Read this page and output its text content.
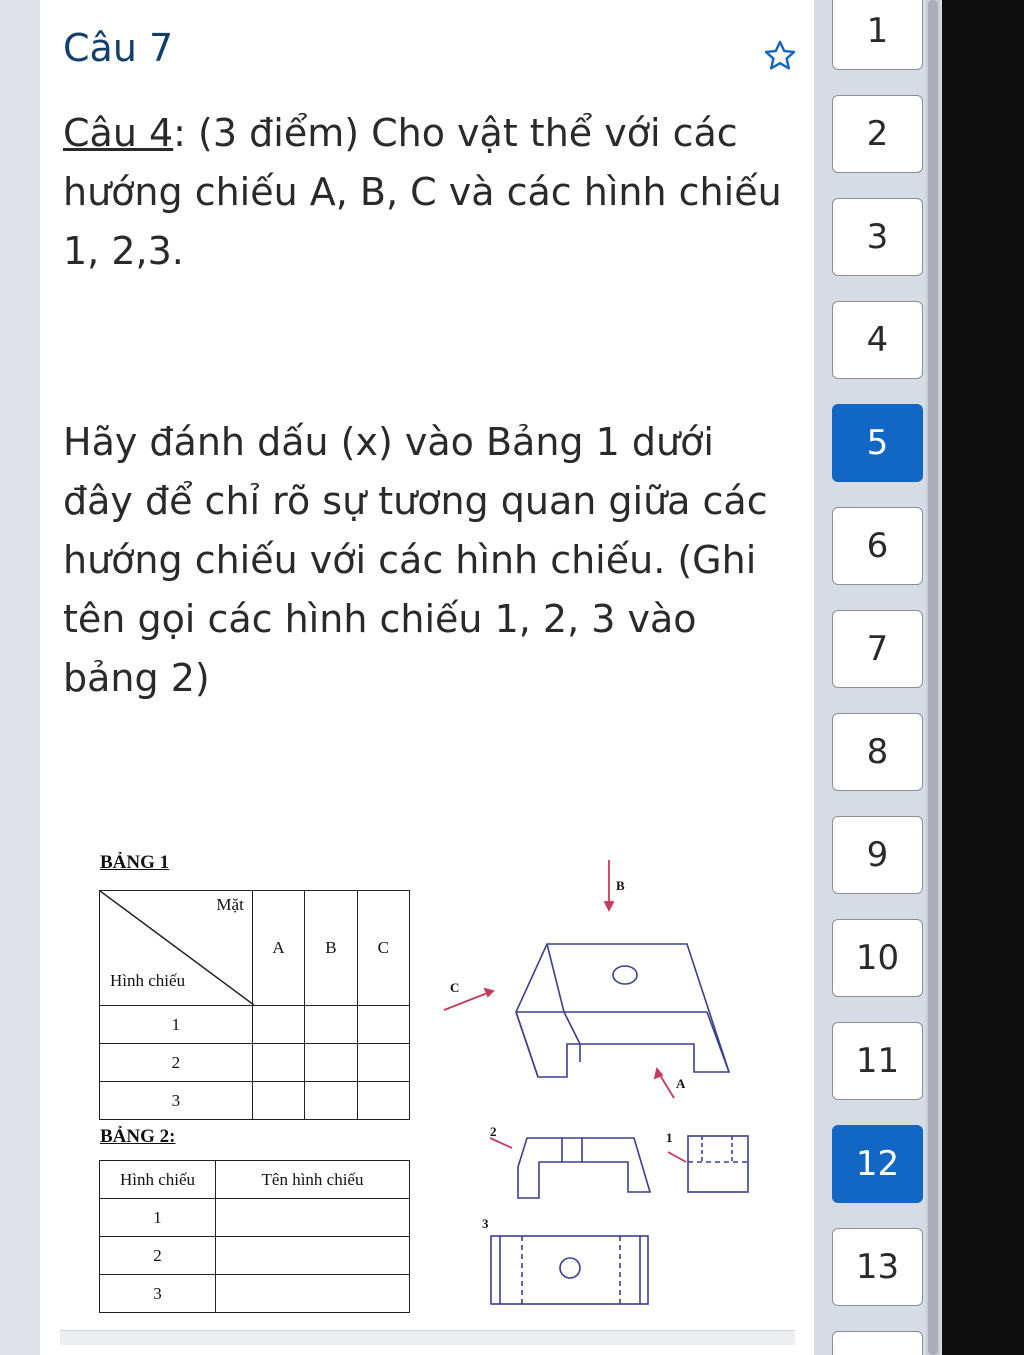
Câu 7

Câu 4: (3 điểm) Cho vật thể với các hướng chiếu A, B, C và các hình chiếu 1, 2,3.

Hãy đánh dấu (x) vào Bảng 1 dưới đây để chỉ rõ sự tương quan giữa các hướng chiếu với các hình chiếu. (Ghi tên gọi các hình chiếu 1, 2, 3 vào bảng 2)

BẢNG 1

Mặt
Hình chiếu	A	B	C
1			
2			
3			

BẢNG 2:

Hình chiếu	Tên hình chiếu
1	
2	
3	
B
C
A
2	1
3
1
2
3
4
5
6
7
8
9
10
11
12
13
